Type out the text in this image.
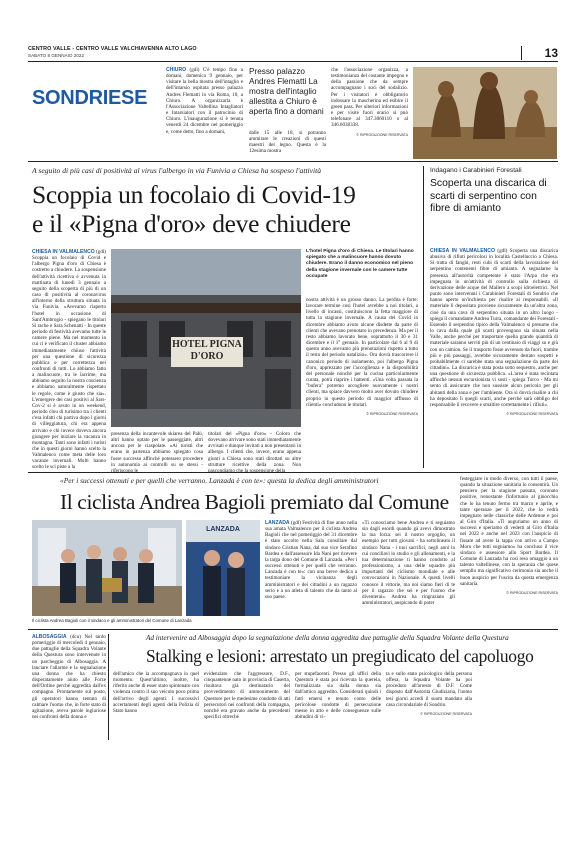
CENTRO VALLE - CENTRO VALLE VALCHIAVENNA ALTO LAGO
SABATO 8 GENNAIO 2022	13
SONDRIESE
CHIURO (gdl) C'è tempo fino a domani, domenica 9 gennaio, per visitare la bella mostra dell'intaglio e dell'intarsio ospitata presso palazzo Andres Flematti in via Roma, 10, a Chiuro. A organizzarla è l'Associazione Valtellina Intagliatori e Intarsiatori con il patrocinio di Chiuro. L'inaugurazione si è tenuta venerdì 24 dicembre nel pomeriggio e, come detto, fino a domani,
Presso palazzo Andres Flematti La mostra dell'intaglio allestita a Chiuro è aperta fino a domani
dalle 15 alle 18, si potranno ammirare le creazioni di questi maestri del legno. Questa è la 12esima mostra
che l'associazione organizza, a testimonianza del costante impegno e della passione che da sempre accompagnano i soci del sodalizio. Per i visitatori è obbligatorio indossare la mascherina ed esibire il green pass. Per ulteriori informazioni e per visite fuori orario si può telefonare al 347.3060110 o al 346.6038338.
© RIPRODUZIONE RISERVATA
A seguito di più casi di positività al virus l'albergo in via Funivia a Chiesa ha sospeso l'attività
Scoppia un focolaio di Covid-19
e il «Pigna d'oro» deve chiudere
CHIESA IN VALMALENCO (gdl) Scoppia un focolaio di Covid e l'albergo Pigna d'oro di Chiesa è costretto a chiudere. La sospensione dell'attività ricettiva è avvenuta in mattinata di lunedì 3 gennaio a seguito della scoperta di più di un caso di positività al coronavirus all'interno della struttura situata in via Funivia. «Avevamo riaperto l'hotel in occasione di Sant'Ambrogio - spiegano le titolari Sì rache e Sara Schenatti - In queste periodo di festività avevamo tutte le camere piene. Ma nel momento in cui ci è verificato il cluster abbiamo immediatamente chiuso l'attività per una questione di sicurezza pubblica e per correttezza nei confronti di tutti. Lo abbiamo fatto a malincuore, tra le lacrime, ma abbiamo seguito la nostra coscienza e abbiamo naturalmente rispettato le regole, come è giusto che sia». L'emergere dei casi positivi al Sars-Cov-2 si è avuto in un weekend, periodo clou di turisimo tra i clienti c'era infatti chi partiva dopo i giorni di villeggiatura, chi era appena arrivato e chi invece doveva ancora giungere per iniziare la vacanza in montagna. Tanti sono infatti i turisti che in questi giorni hanno scelto la Valmalenco come meta delle loro vacanze invernali. Molti hanno scelto le sci piste a la
HOTEL PIGNA D'ORO
L'hotel Pigna d'oro di Chiesa. Le titolari hanno spiegato che a malincuore hanno dovuto chiudere. Erano il danno economico nel pieno della stagione invernale con le camere tutte occupate
presenza della incantevole skiarea del Palù, altri hanno optato per le passeggiate, altri ancora per le ciaspolate. «Ai turisti che erano in partenza abbiamo spiegato cosa fosse successo affinché potessero procedere in autonomia ai controlli su se stessi - riferiscono le
titolari del «Pigna d'oro» - Coloro che dovevano arrivare sono stati immediatamente avvisati e dunque invitati a non presentarsi in albergo. I clienti che, invece, erano appena giunti a Chiesa sono stati dirottati su altre strutture ricettive della zona. Non nascondiamo che la sospensione della
nostra attività è un grosso danno. La perdita è forte: lavorare termine così l'hotel avrebbe a noi titolari, a livello di incassi, costituiscono la fetta maggiore di tutta la stagione invernale. A causa del Covid in dicembre abbiamo avuto alcune disdette da parte di clienti che avevano prenotato in precedenza. Ma per il resto abbiamo lavorato bene, soprattutto il 30 e 31 dicembre e il 1° gennaio. In particolare dal 6 al 9 di questo anno avevamo più prenotazioni rispetto a tutto il resto del periodo natalizio». Ora dovrà trascorrere il canonico periodo di isolamento, poi l'albergo Pigna d'oro, apprezzato per l'accoglienza e la disponibilità del personale nonché per la cucina particolarmente curata, potrà riaprire i battenti. «Una volta passata la "bufera" potremo accogliere nuovamente i nostri clienti, ma spiace davvero molto aver dovuto chiudere proprio in questo periodo di maggior afflusso di clienti» concludono le titolari.
© RIPRODUZIONE RISERVATA
Indagano i Carabinieri Forestali
Scoperta una discarica di scarti di serpentino con fibre di amianto
CHIESA IN VALMALENCO (gdl) Scoperta una discarica abusiva di rifiuti pericolosi in località Castelluccio a Chiesa. Si tratta di fanghi, resti cubi di scarti della lavorazione del serpentino contenenti fibre di amianto. A segnalarne la presenza all'autorità competente è stato l'Arpa che era impegnata in un'attività di controllo sulla richiesta di derivazione delle acque del Mallero a scopi idroelettrici. Nel punto sono intervenuti i Carabinieri Forestali di Sondrio che hanno aperto un'inchiesta per risalire ai responsabili. «Il materiale lì depositato proviene sicuramente da un'altra zona, cioè da una cava di serpentino situata in un altro luogo - spiega il comandante Andrea Turra, comandante dei Forestali - Essendo il serpentino tipico della Valmalenco si presume che lo cava dalla quale gli scarti provengono sia situata nella Valle, anche perché per trasportare quella grande quantità di materiale saranno serviti più di un centinaio di viaggi su e giù con un camion. Se il trasporto fosse avvenuto da fuori, tramite più e più passaggi, avrebbe sicuramente destato sospetti e probabilmente ci sarebbe stata una segnalazione da parte dei cittadini». La discarica è stata posta sotto sequestro, anche per una questione di sicurezza pubblica. «L'area è stata recintata affinché nessun escursionista vi sosti - spiega Turco - Ma mi sento di assicurare che non sussiste alcun pericolo per gli abitanti della zona e per l'ambiente. Ora si dovrà risalire a chi ha depositato lì quegli scarti, anche perché sarà obbligo del responsabile il recovere e smaltire correttamente i rifiuti».
© RIPRODUZIONE RISERVATA
«Per i successi ottenuti e per quelli che verranno. Lanzada è con te»: questa la dedica degli amministratori
Il ciclista Andrea Bagioli premiato dal Comune
Il ciclista Andrea Bagioli con il sindaco e gli amministratori del Comune di Lanzada
LANZADA
LANZADA (gdl) Festività di fine anno nella sua amata Valmalenco per il ciclista Andrea Bagioli che nel pomeriggio del 31 dicembre è stato accolto nella Sala consiliare dal sindaco Cristian Nana, dal suo vice Serafino Bardea e dall'assessore Ida Nani per ricevere la targa dono del Comune di Lanzada. «Per i successi ottenuti e per quelli che verranno. Lanzada è con te»: con una breve dedica a testimoniare la vicinanza degli amministratori e dei cittadini a un ragazzo serio e a un atleta di talento che da tanto al suo paese.
«Ti conosciamo bene Andrea e ti seguiamo sin dagli esordi quando gà avevi dimostrato la tua forza: sei il nostro orgoglio, un esempio per tutti giovani - ha sottolineato il sindaco Nana - i tuoi sacrifici, negli anni in cui conciliavi lo studio e gli allenamenti, e la tua determinazione ti hanno condotto al professionismo, a una delle squadre più importanti del ciclismo mondiale e alle convocazioni in Nazionale. A questi livelli conosce il vittorie, ma noi siamo fieri di te per il ragazzo che sei e per l'uomo che diventerai». Andrea ha ringraziato gli amministratori, auspicando di poter
festeggiare in modo diverso, con tutti il paese, quando la situazione sanitaria lo consentirà. Un pensiero per la stagione passata, coronato positive, nonostante l'infortunio al ginocchio che lo ha tenuto fermo tra marzo e aprile, e tante speranze per il 2022, che lo vedrà impegnato nelle classiche delle Ardenne e poi al Giro d'Italia. «Ti auguriamo un anno di successi e speriamo di vederti al Giro d'Italia nel 2022 e anche nel 2023 con l'auspicio di fissare ad avere la tappa con arrivo a Campo Moro che tutti sogniamo» ha concluso il vice sindaco e assessore allo Sport Bardea. Il Comune di Lanzada ha così reso omaggio a un talento valtellinese, con la speranza che quese sempllo ma significativo cerimonia sia anche il buon auspicio per l'uscita da questa emergenza sanitaria.
© RIPRODUZIONE RISERVATA
ALBOSAGGIA (dcu) Nel tardo pomeriggio di mercoledì 4 gennaio, due pattuglie della Squadra Volante della Questura sono intervenute in un parcheggio di Albosaggia. A lanciare l'allarme e la segnalazione una donna che ha chiesto disperatamente aiuto alle Forze dell'Ordine perché aggredita dall'ex compagno. Prontamente sul posto, gli operatori hanno tentato di calmare l'uomo che, in forte stato di agitazione, aveva parole ingiuriose nei confronti della donna e
Ad intervenire ad Albosaggia dopo la segnalazione della donna aggredita due pattuglie della Squadra Volante della Questura
Stalking e lesioni: arrestato un pregiudicato del capoluogo
dell'amico che la accompagnava in quel momento. Quest'ultimo, inoltre, ha riferito anche di esser stato spintonato con violenza contro il suo veicolo poco prima dell'arrivo degli agenti. I successivi accertamenti degli agenti della Polizia di Stato hanno
evidenziato che l'aggressore, D.F., cinquantenne nato in provincia di Caserta, risultava già destinatario del provvedimento di ammonimento del Questore per le medesime condotte di atti persecutori nei confronti della compagna, nonché era gravato anche da precedenti specifici oltreché
per stupefacenti. Presso gli uffici della Questura è stata poi ricevuta la querela, formalizzata sia dalla donna sia dall'amico aggredito. Considerati quindi i fatti emersi e tenuto conto delle pericolose condotte di persecuzione messe in atto e delle conseguenze sulle abitudini di vi-
ta e sullo stato psicologico della persona offesa, la Squadra Volante ha poi proceduto all'arresto di D.F. Come disposto dall'Autorità Giudiziaria, l'uomo tesi giorni accedi il suom mandato alla casa circondariale di Sondrio.
© RIPRODUZIONE RISERVATA
